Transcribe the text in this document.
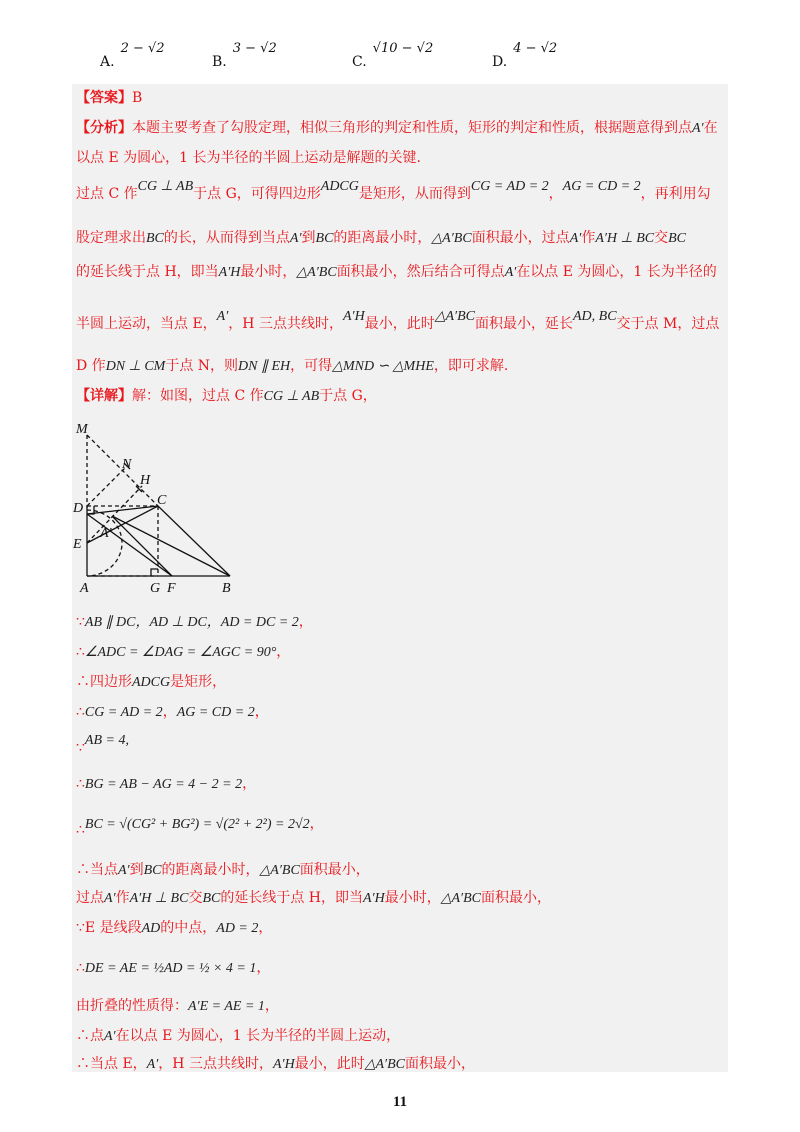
A.2 − √2
B.3 − √2
C.√10 − √2
D.4 − √2
【答案】B
【分析】本题主要考查了勾股定理，相似三角形的判定和性质，矩形的判定和性质，根据题意得到点A′在
以点 E 为圆心，1 长为半径的半圆上运动是解题的关键.
过点 C 作CG ⊥ AB于点 G，可得四边形ADCG是矩形，从而得到CG = AD = 2，AG = CD = 2，再利用勾
股定理求出BC的长，从而得到当点A′到BC的距离最小时，△A′BC面积最小，过点A′作A′H ⊥ BC交BC
的延长线于点 H，即当A′H最小时，△A′BC面积最小，然后结合可得点A′在以点 E 为圆心，1 长为半径的
半圆上运动，当点 E，A′，H 三点共线时，A′H最小，此时△A′BC面积最小，延长AD, BC交于点 M，过点
D 作DN ⊥ CM于点 N，则DN ∥ EH，可得△MND ∽ △MHE，即可求解.
【详解】解：如图，过点 C 作CG ⊥ AB于点 G，
M
N
H
D
C
E
A′
A	G F	B
∵AB ∥ DC，AD ⊥ DC，AD = DC = 2，
∴∠ADC = ∠DAG = ∠AGC = 90°，
∴四边形ADCG是矩形，
∴CG = AD = 2，AG = CD = 2，
∵AB = 4,
∴BG = AB − AG = 4 − 2 = 2，
∴BC = √(CG² + BG²) = √(2² + 2²) = 2√2，
∴当点A′到BC的距离最小时，△A′BC面积最小，
过点A′作A′H ⊥ BC交BC的延长线于点 H，即当A′H最小时，△A′BC面积最小，
∵E 是线段AD的中点，AD = 2，
∴DE = AE = ½AD = ½ × 4 = 1，
由折叠的性质得：A′E = AE = 1，
∴点A′在以点 E 为圆心，1 长为半径的半圆上运动，
∴当点 E，A′，H 三点共线时，A′H最小，此时△A′BC面积最小，
11
